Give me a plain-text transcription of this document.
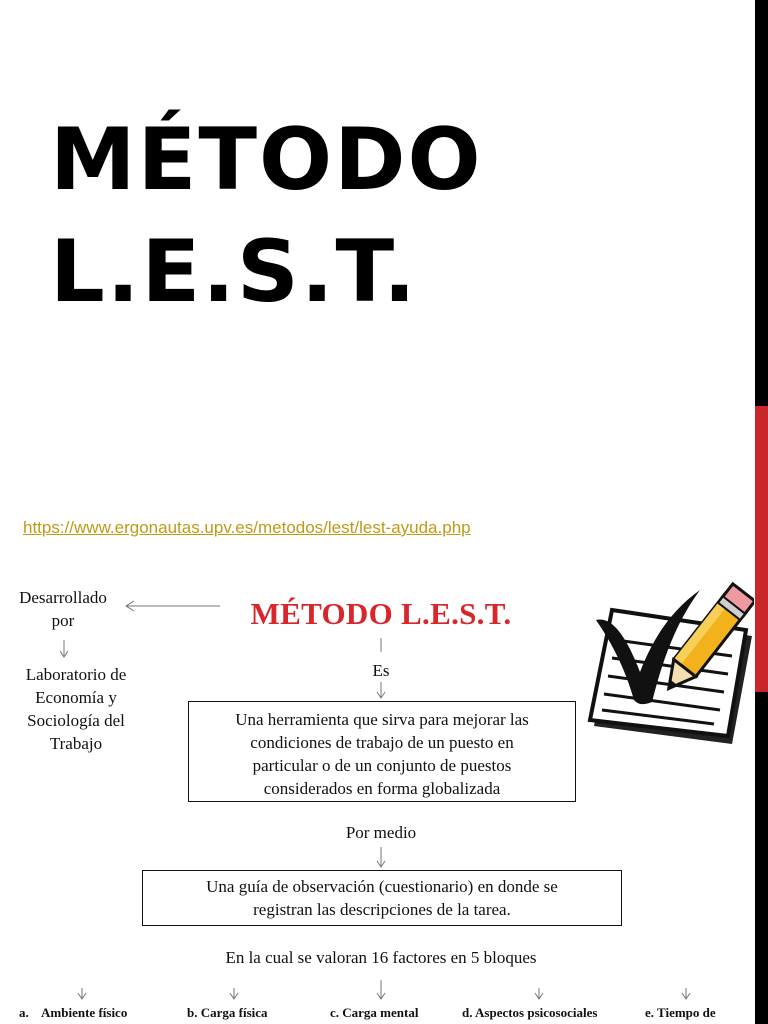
MÉTODO
L.E.S.T.
https://www.ergonautas.upv.es/metodos/lest/lest-ayuda.php
MÉTODO L.E.S.T.
Desarrollado
por
Laboratorio de
Economía y
Sociología del
Trabajo
Es
Una herramienta que sirva para mejorar las
condiciones de trabajo de un puesto en
particular o de un conjunto de puestos
considerados en forma globalizada
Por medio
Una guía de observación (cuestionario) en donde se
registran las descripciones de la tarea.
En la cual se valoran 16 factores en 5 bloques
a.    Ambiente físico	b. Carga física	c. Carga mental	d. Aspectos psicosociales	e. Tiempo de
